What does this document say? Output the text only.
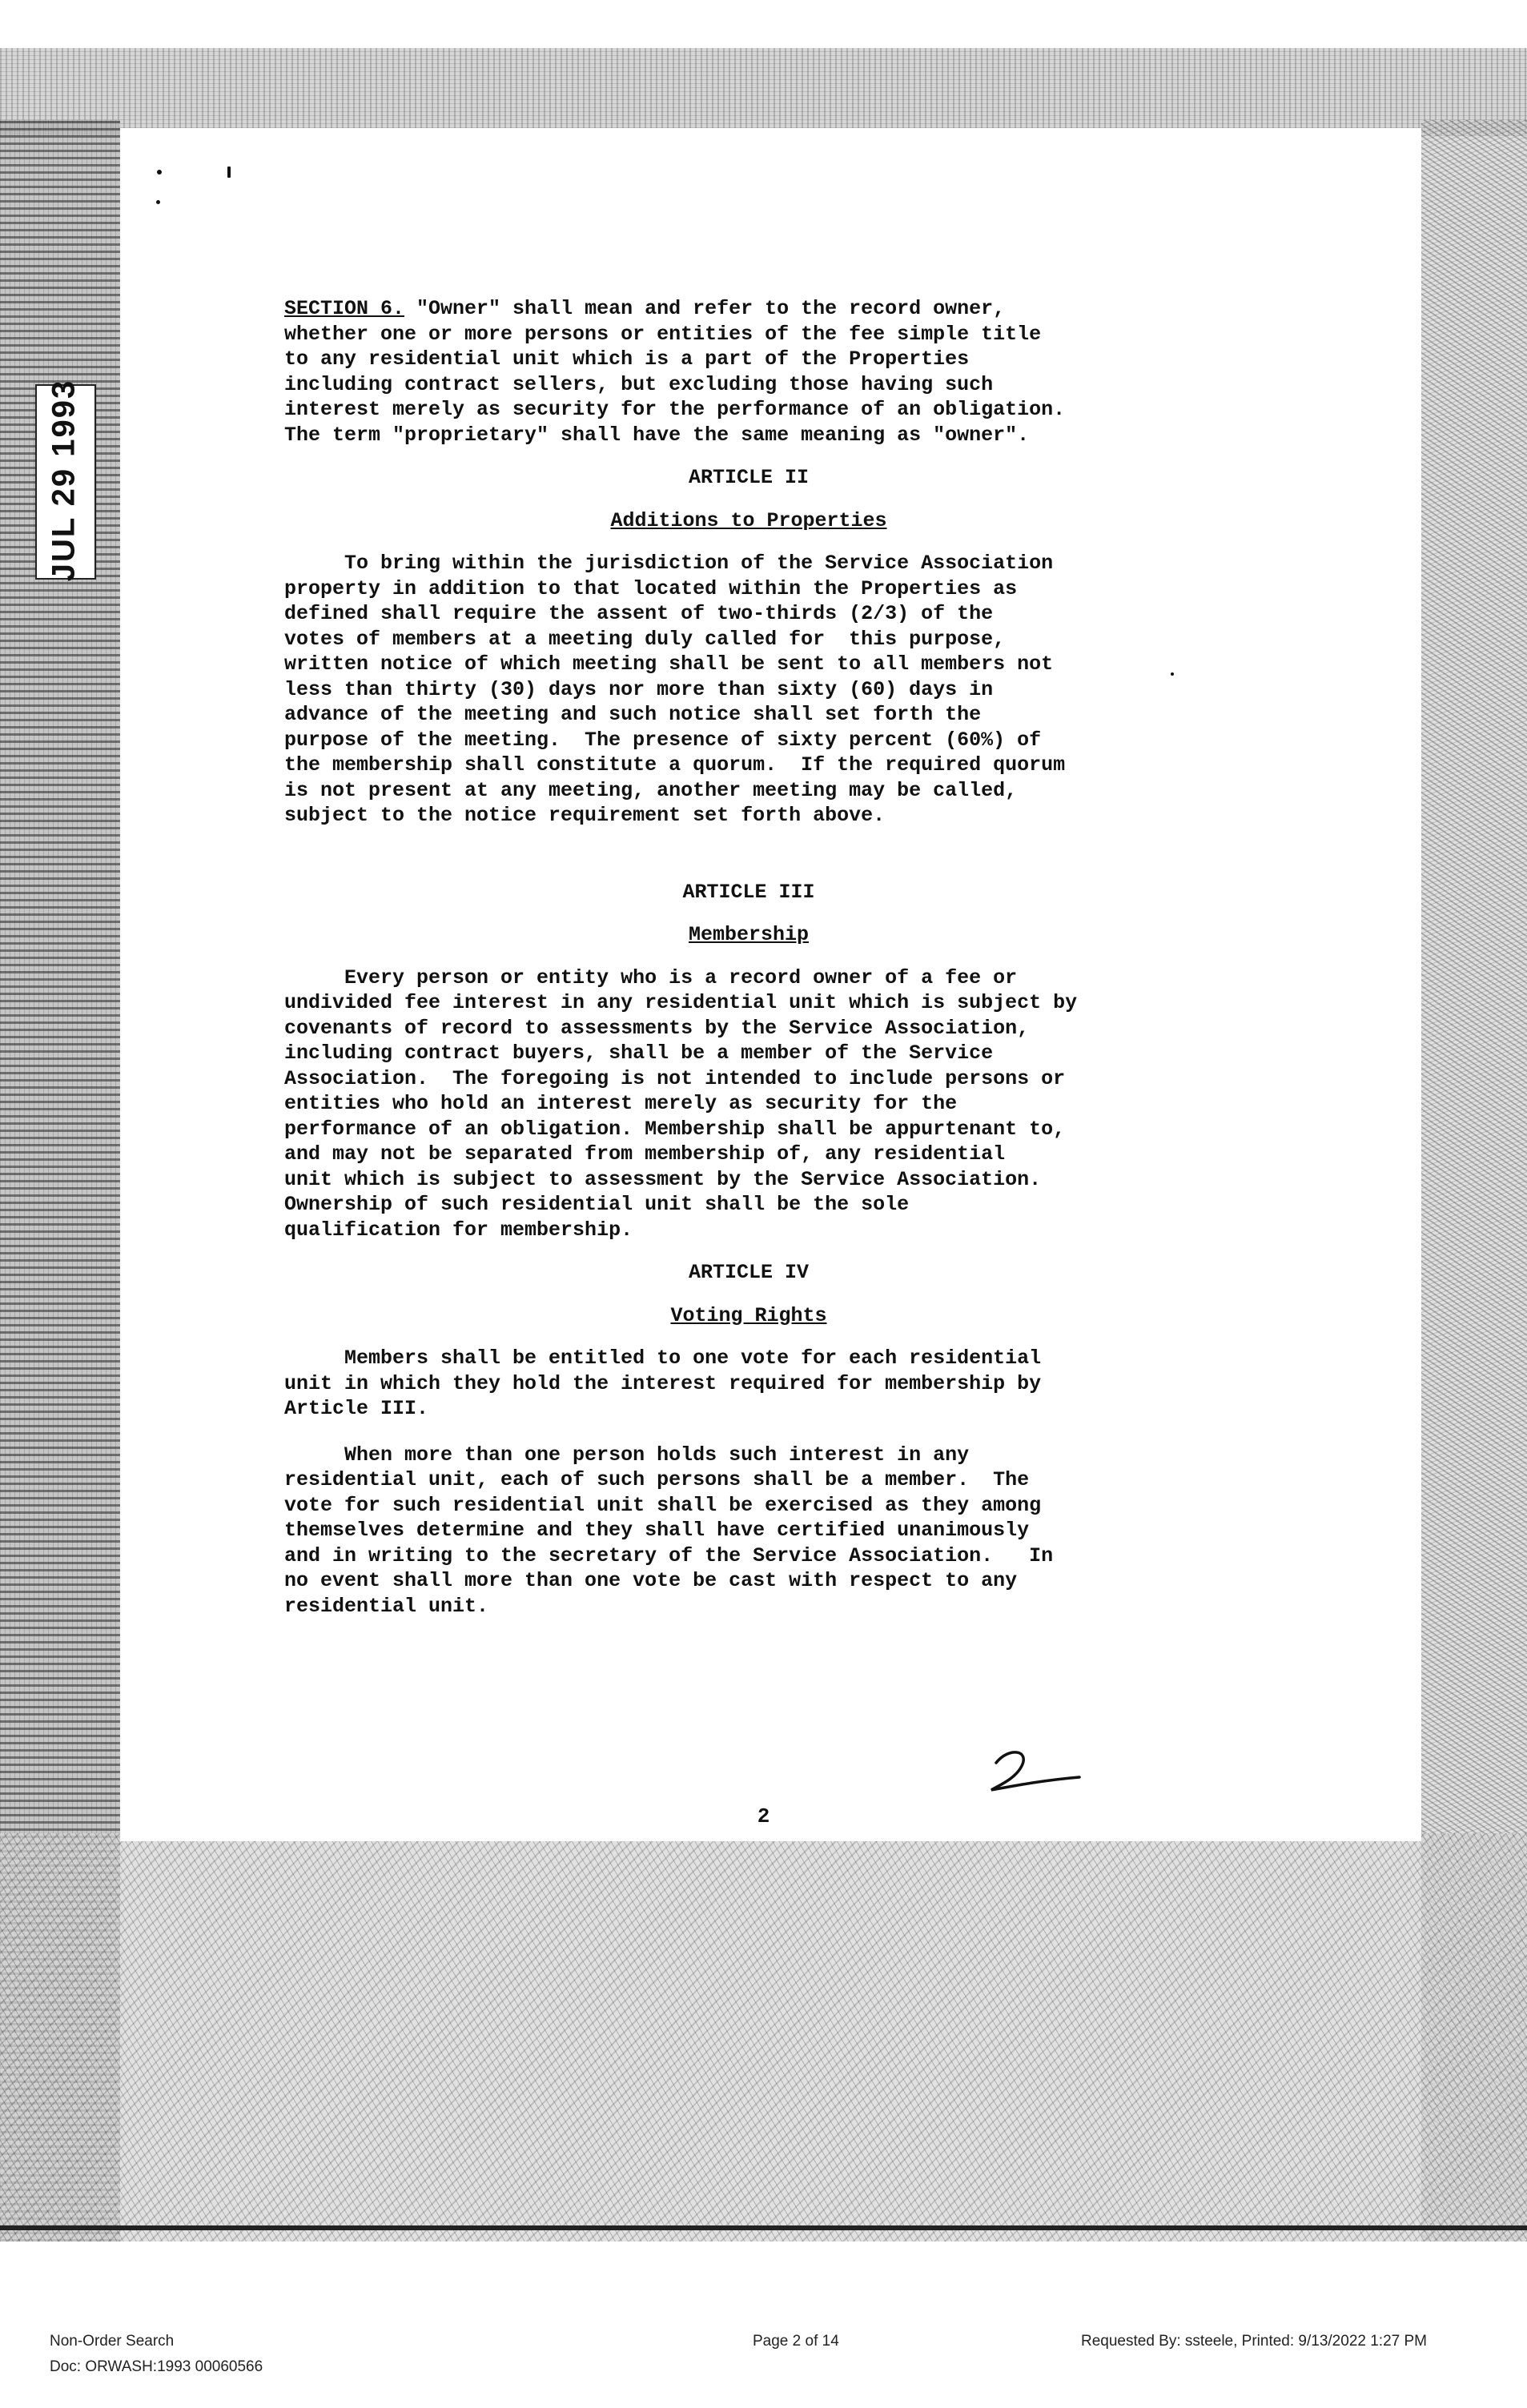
JUL 29 1993

SECTION 6. "Owner" shall mean and refer to the record owner,
whether one or more persons or entities of the fee simple title
to any residential unit which is a part of the Properties
including contract sellers, but excluding those having such
interest merely as security for the performance of an obligation.
The term "proprietary" shall have the same meaning as "owner".

ARTICLE II
Additions to Properties

To bring within the jurisdiction of the Service Association
property in addition to that located within the Properties as
defined shall require the assent of two-thirds (2/3) of the
votes of members at a meeting duly called for  this purpose,
written notice of which meeting shall be sent to all members not
less than thirty (30) days nor more than sixty (60) days in
advance of the meeting and such notice shall set forth the
purpose of the meeting.  The presence of sixty percent (60%) of
the membership shall constitute a quorum.  If the required quorum
is not present at any meeting, another meeting may be called,
subject to the notice requirement set forth above.

ARTICLE III
Membership

Every person or entity who is a record owner of a fee or
undivided fee interest in any residential unit which is subject by
covenants of record to assessments by the Service Association,
including contract buyers, shall be a member of the Service
Association.  The foregoing is not intended to include persons or
entities who hold an interest merely as security for the
performance of an obligation. Membership shall be appurtenant to,
and may not be separated from membership of, any residential
unit which is subject to assessment by the Service Association.
Ownership of such residential unit shall be the sole
qualification for membership.

ARTICLE IV
Voting Rights

Members shall be entitled to one vote for each residential
unit in which they hold the interest required for membership by
Article III.

When more than one person holds such interest in any
residential unit, each of such persons shall be a member.  The
vote for such residential unit shall be exercised as they among
themselves determine and they shall have certified unanimously
and in writing to the secretary of the Service Association.   In
no event shall more than one vote be cast with respect to any
residential unit.

2
Non-Order Search
Doc: ORWASH:1993 00060566
Page 2 of 14	Requested By: ssteele, Printed: 9/13/2022 1:27 PM
